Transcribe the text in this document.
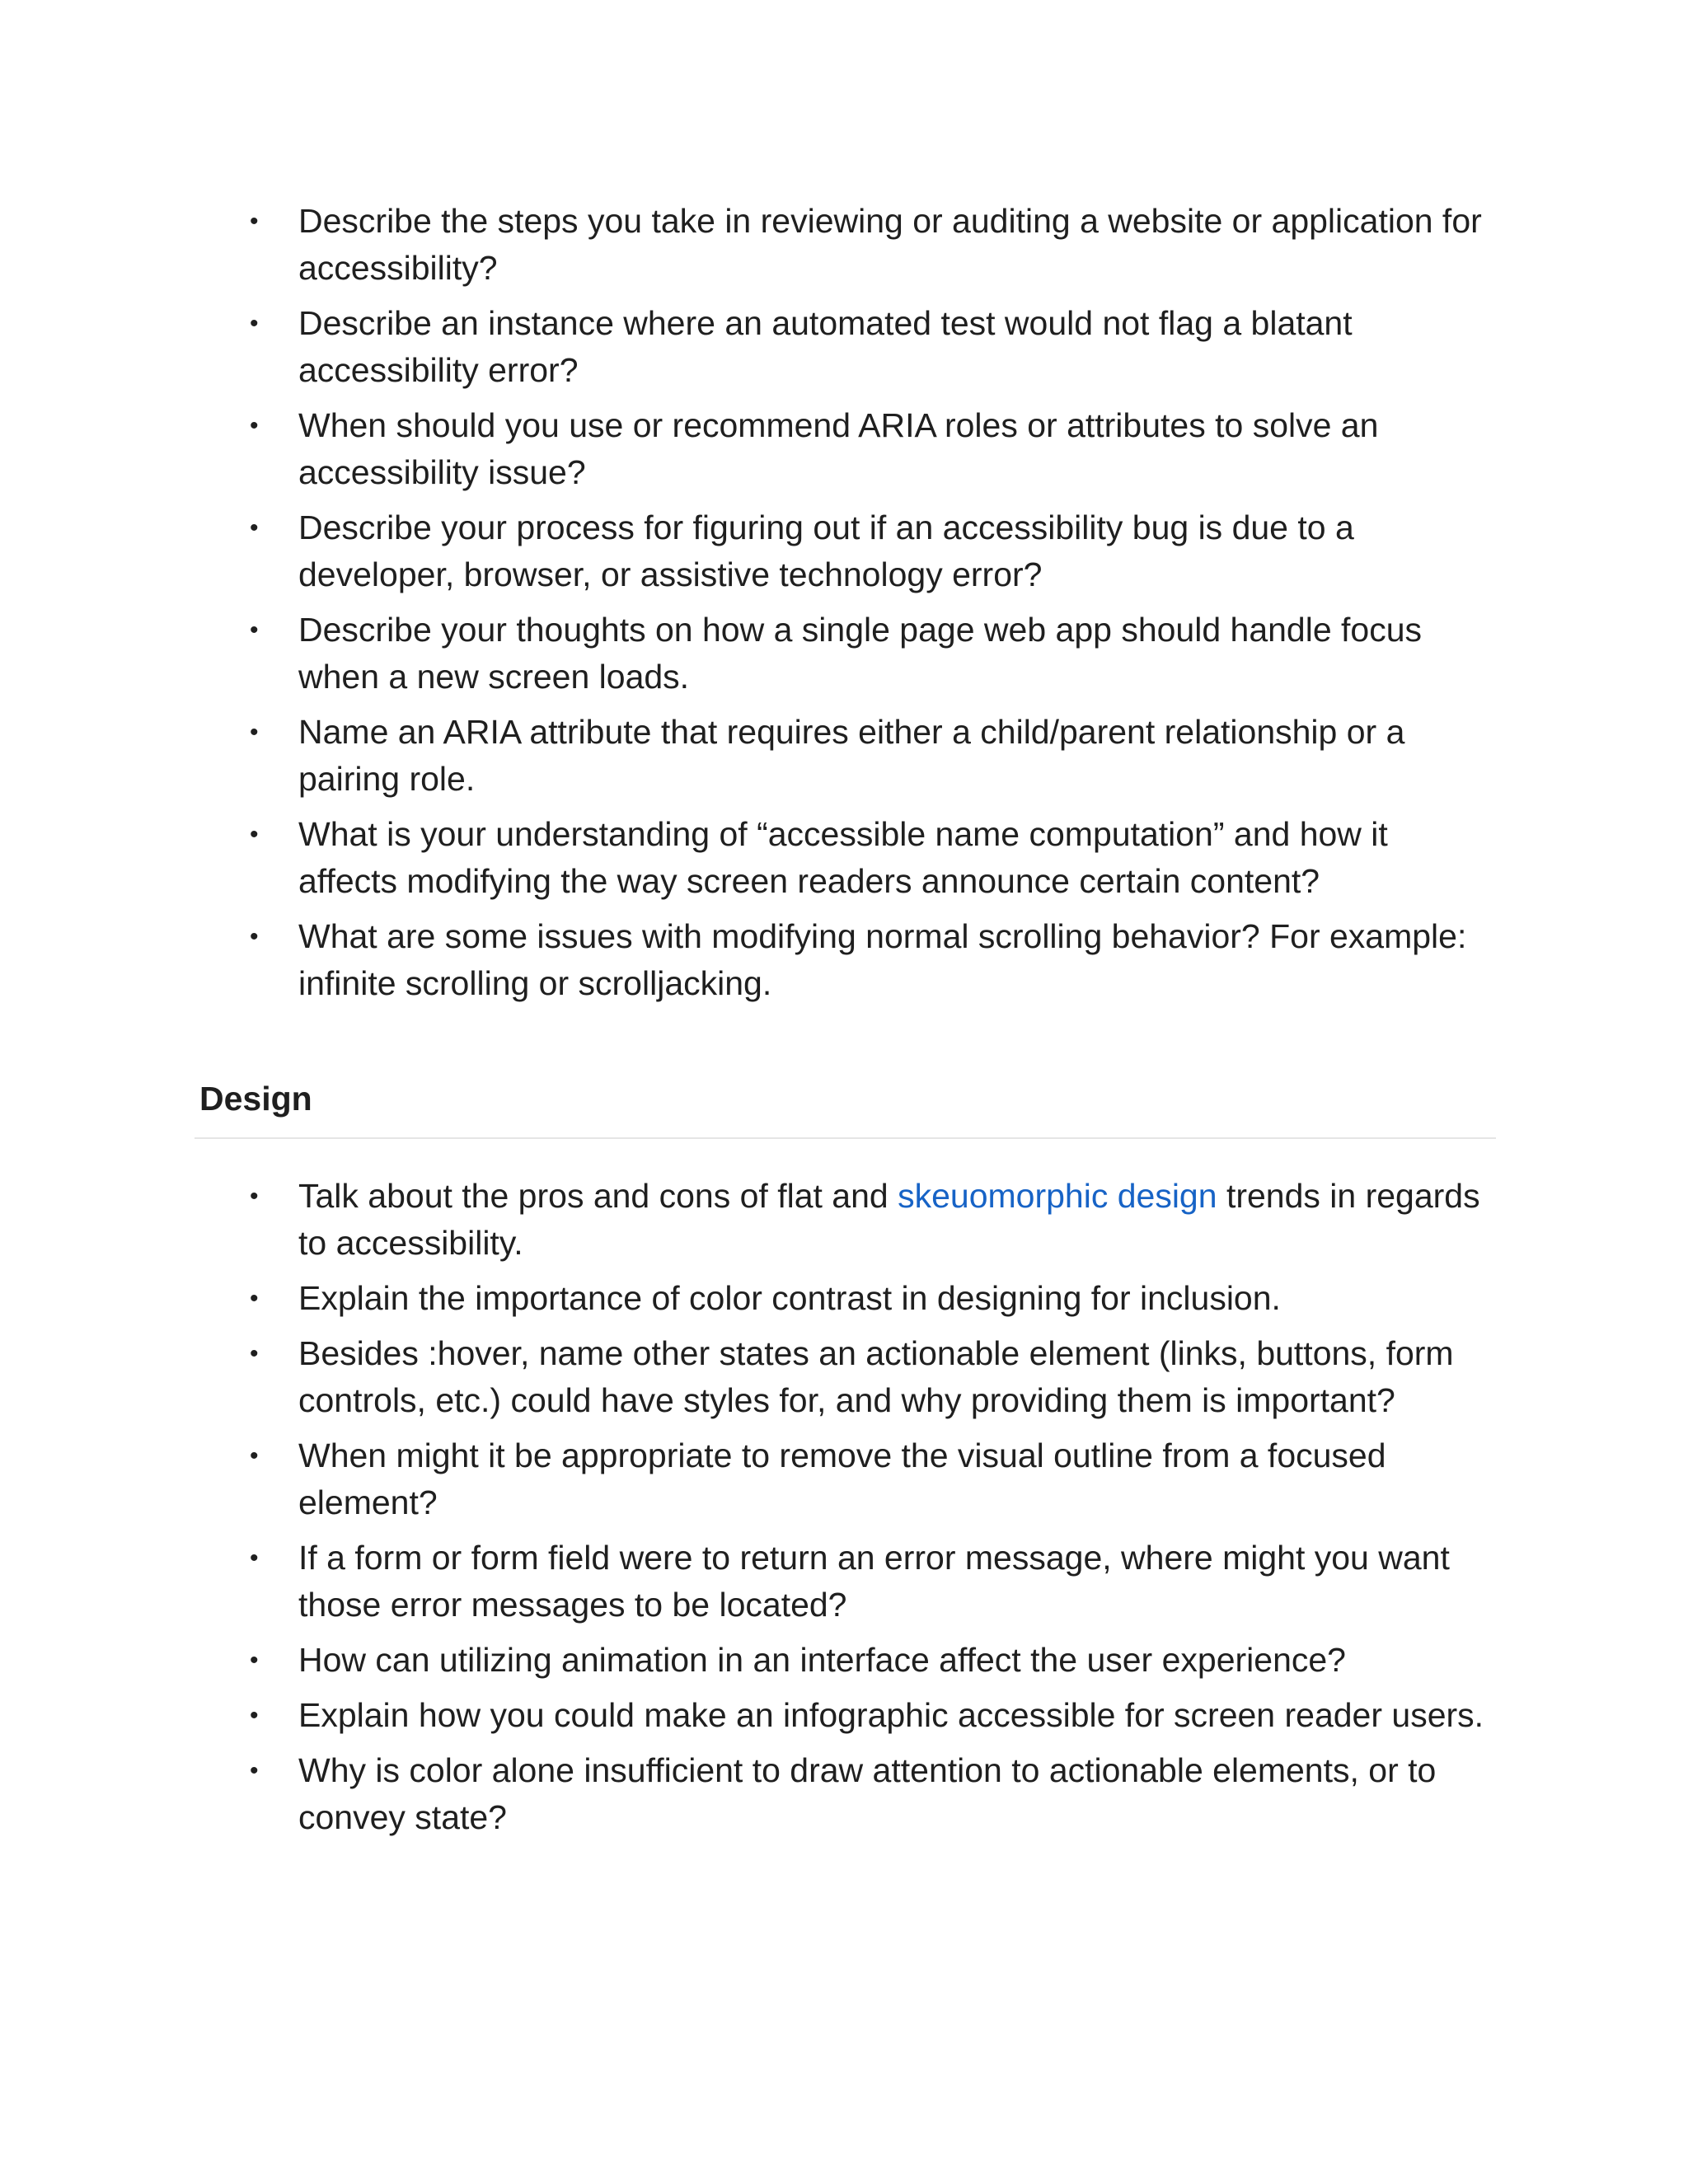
• Describe the steps you take in reviewing or auditing a website or application for accessibility?
• Describe an instance where an automated test would not flag a blatant accessibility error?
• When should you use or recommend ARIA roles or attributes to solve an accessibility issue?
• Describe your process for figuring out if an accessibility bug is due to a developer, browser, or assistive technology error?
• Describe your thoughts on how a single page web app should handle focus when a new screen loads.
• Name an ARIA attribute that requires either a child/parent relationship or a pairing role.
• What is your understanding of “accessible name computation” and how it affects modifying the way screen readers announce certain content?
• What are some issues with modifying normal scrolling behavior? For example: infinite scrolling or scrolljacking.
Design
• Talk about the pros and cons of flat and skeuomorphic design trends in regards to accessibility.
• Explain the importance of color contrast in designing for inclusion.
• Besides :hover, name other states an actionable element (links, buttons, form controls, etc.) could have styles for, and why providing them is important?
• When might it be appropriate to remove the visual outline from a focused element?
• If a form or form field were to return an error message, where might you want those error messages to be located?
• How can utilizing animation in an interface affect the user experience?
• Explain how you could make an infographic accessible for screen reader users.
• Why is color alone insufficient to draw attention to actionable elements, or to convey state?
